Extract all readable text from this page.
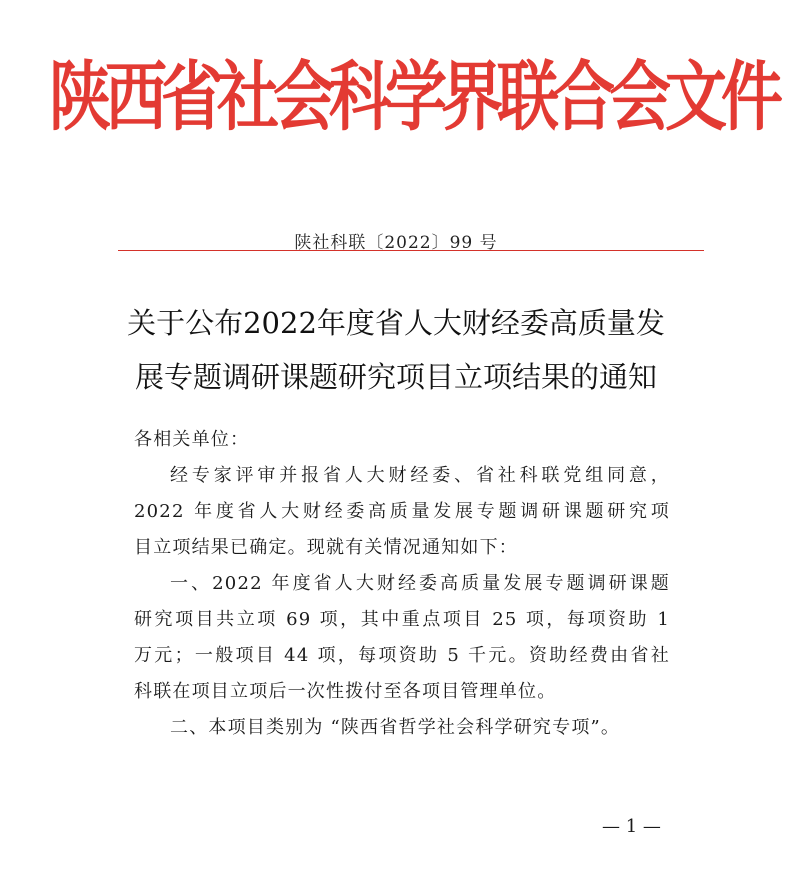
陕西省社会科学界联合会文件
陕社科联〔2022〕99 号
关于公布2022年度省人大财经委高质量发
展专题调研课题研究项目立项结果的通知
各相关单位：
经专家评审并报省人大财经委、省社科联党组同意，
2022 年度省人大财经委高质量发展专题调研课题研究项
目立项结果已确定。现就有关情况通知如下：
一、2022 年度省人大财经委高质量发展专题调研课题
研究项目共立项 69 项，其中重点项目 25 项，每项资助 1
万元；一般项目 44 项，每项资助 5 千元。资助经费由省社
科联在项目立项后一次性拨付至各项目管理单位。
二、本项目类别为 “陕西省哲学社会科学研究专项”。
— 1 —
